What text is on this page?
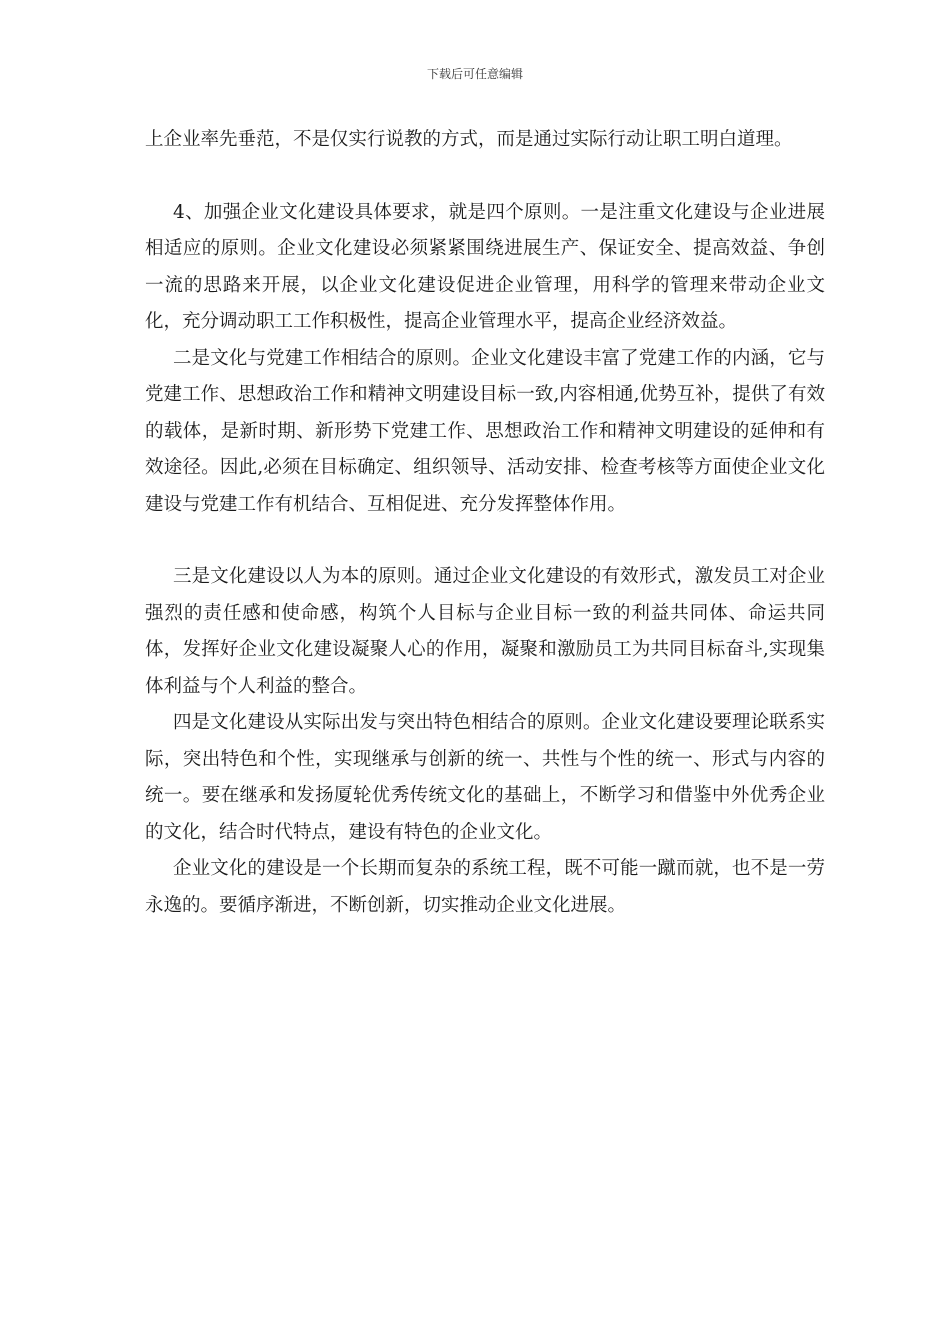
下载后可任意编辑

上企业率先垂范，不是仅实行说教的方式，而是通过实际行动让职工明白道理。

4、加强企业文化建设具体要求，就是四个原则。一是注重文化建设与企业进展相适应的原则。企业文化建设必须紧紧围绕进展生产、保证安全、提高效益、争创一流的思路来开展，以企业文化建设促进企业管理，用科学的管理来带动企业文化，充分调动职工工作积极性，提高企业管理水平，提高企业经济效益。

二是文化与党建工作相结合的原则。企业文化建设丰富了党建工作的内涵，它与党建工作、思想政治工作和精神文明建设目标一致,内容相通,优势互补，提供了有效的载体，是新时期、新形势下党建工作、思想政治工作和精神文明建设的延伸和有效途径。因此,必须在目标确定、组织领导、活动安排、检查考核等方面使企业文化建设与党建工作有机结合、互相促进、充分发挥整体作用。

三是文化建设以人为本的原则。通过企业文化建设的有效形式，激发员工对企业强烈的责任感和使命感，构筑个人目标与企业目标一致的利益共同体、命运共同体，发挥好企业文化建设凝聚人心的作用，凝聚和激励员工为共同目标奋斗,实现集体利益与个人利益的整合。

四是文化建设从实际出发与突出特色相结合的原则。企业文化建设要理论联系实际，突出特色和个性，实现继承与创新的统一、共性与个性的统一、形式与内容的统一。要在继承和发扬厦轮优秀传统文化的基础上，不断学习和借鉴中外优秀企业的文化，结合时代特点，建设有特色的企业文化。

企业文化的建设是一个长期而复杂的系统工程，既不可能一蹴而就，也不是一劳永逸的。要循序渐进，不断创新，切实推动企业文化进展。
